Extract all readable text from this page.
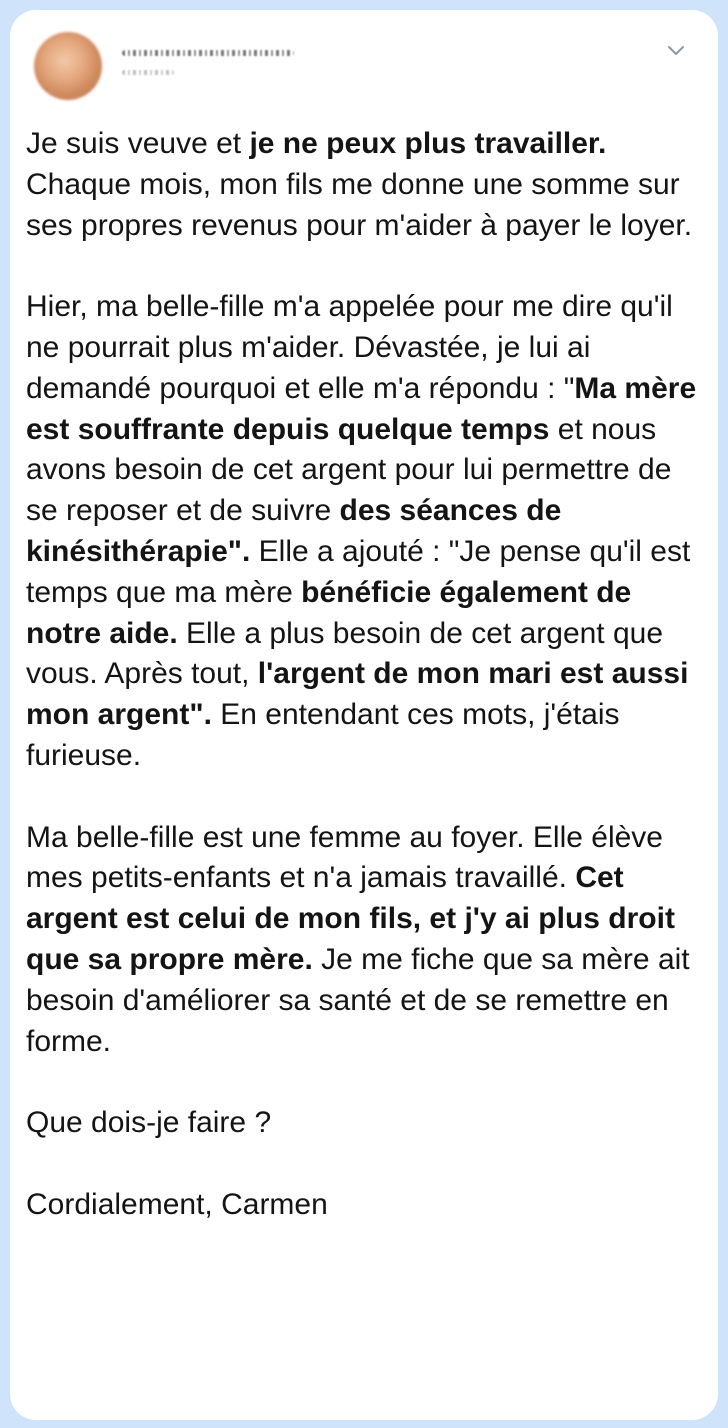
Je suis veuve et je ne peux plus travailler. Chaque mois, mon fils me donne une somme sur ses propres revenus pour m'aider à payer le loyer.

Hier, ma belle-fille m'a appelée pour me dire qu'il ne pourrait plus m'aider. Dévastée, je lui ai demandé pourquoi et elle m'a répondu : "Ma mère est souffrante depuis quelque temps et nous avons besoin de cet argent pour lui permettre de se reposer et de suivre des séances de kinésithérapie". Elle a ajouté : "Je pense qu'il est temps que ma mère bénéficie également de notre aide. Elle a plus besoin de cet argent que vous. Après tout, l'argent de mon mari est aussi mon argent". En entendant ces mots, j'étais furieuse.

Ma belle-fille est une femme au foyer. Elle élève mes petits-enfants et n'a jamais travaillé. Cet argent est celui de mon fils, et j'y ai plus droit que sa propre mère. Je me fiche que sa mère ait besoin d'améliorer sa santé et de se remettre en forme.

Que dois-je faire ?

Cordialement, Carmen
